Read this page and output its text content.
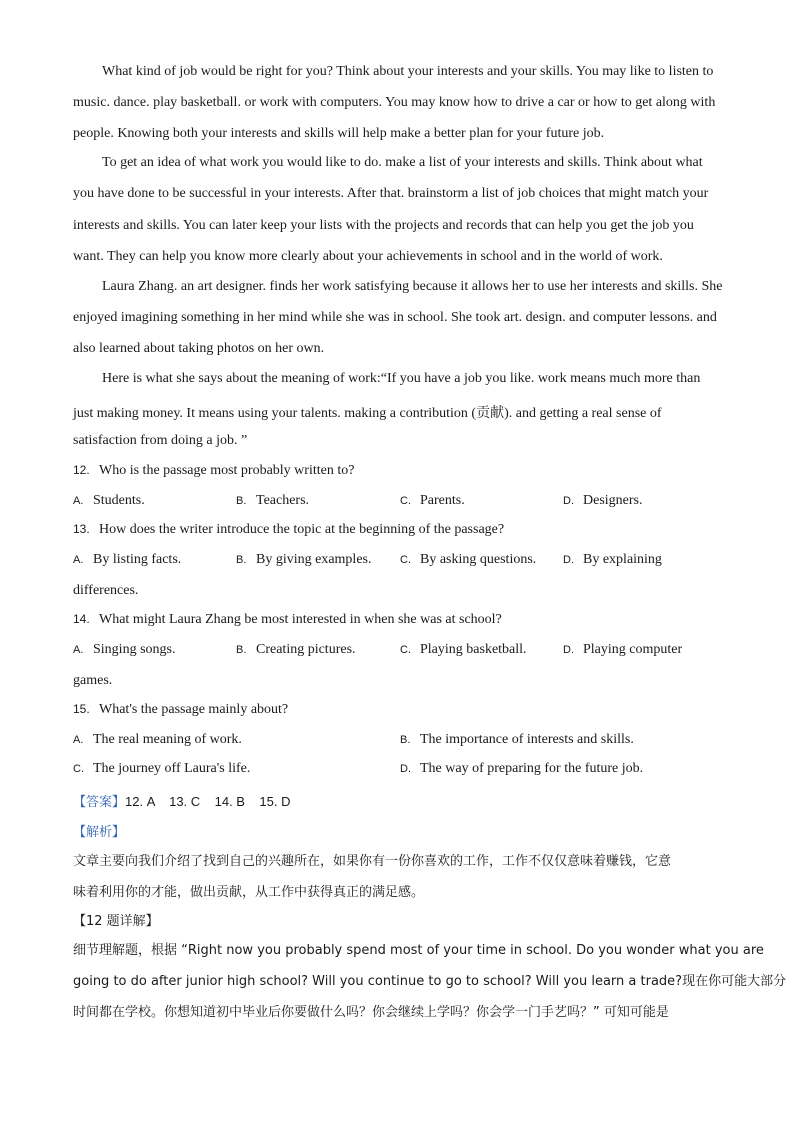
What kind of job would be right for you? Think about your interests and your skills. You may like to listen to
music. dance. play basketball. or work with computers. You may know how to drive a car or how to get along with
people. Knowing both your interests and skills will help make a better plan for your future job.
To get an idea of what work you would like to do. make a list of your interests and skills. Think about what
you have done to be successful in your interests. After that. brainstorm a list of job choices that might match your
interests and skills. You can later keep your lists with the projects and records that can help you get the job you
want. They can help you know more clearly about your achievements in school and in the world of work.
Laura Zhang. an art designer. finds her work satisfying because it allows her to use her interests and skills. She
enjoyed imagining something in her mind while she was in school. She took art. design. and computer lessons. and
also learned about taking photos on her own.
Here is what she says about the meaning of work:“If you have a job you like. work means much more than
just making money. It means using your talents. making a contribution (贡献). and getting a real sense of
satisfaction from doing a job. ”
12. Who is the passage most probably written to?
A. Students.	B. Teachers.	C. Parents.	D. Designers.
13. How does the writer introduce the topic at the beginning of the passage?
A. By listing facts.	B. By giving examples.	C. By asking questions. D. By explaining
differences.
14. What might Laura Zhang be most interested in when she was at school?
A. Singing songs.	B. Creating pictures.	C. Playing basketball.	D. Playing computer
games.
15. What's the passage mainly about?
A. The real meaning of work.	B. The importance of interests and skills.
C. The journey off Laura's life.	D. The way of preparing for the future job.
【答案】12. A    13. C    14. B    15. D
【解析】
文章主要向我们介绍了找到自己的兴趣所在，如果你有一份你喜欢的工作，工作不仅仅意味着赚钱，它意
味着利用你的才能，做出贡献，从工作中获得真正的满足感。
【12 题详解】
细节理解题，根据 “Right now you probably spend most of your time in school. Do you wonder what you are
going to do after junior high school? Will you continue to go to school? Will you learn a trade?现在你可能大部分
时间都在学校。你想知道初中毕业后你要做什么吗？你会继续上学吗？你会学一门手艺吗？” 可知可能是
